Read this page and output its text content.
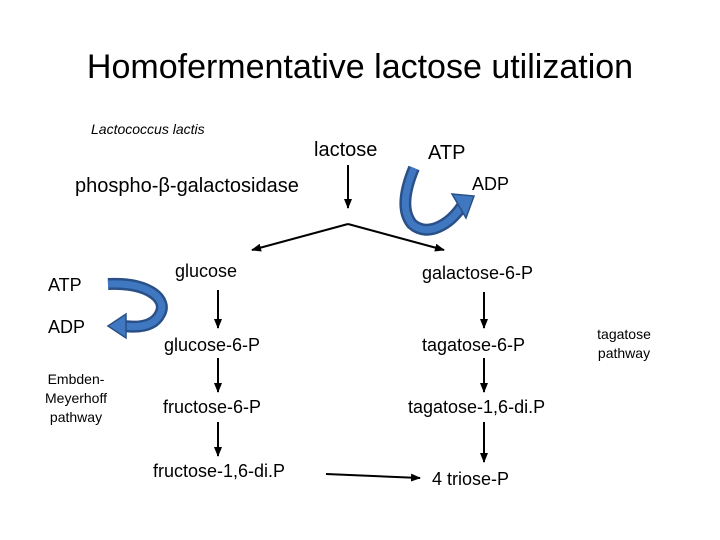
Homofermentative lactose utilization
Lactococcus lactis
lactose
phospho-β-galactosidase
ATP
ADP
ATP
ADP
Embden-Meyerhoff pathway
glucose	galactose-6-P
glucose-6-P	tagatose-6-P
fructose-6-P	tagatose-1,6-di.P
fructose-1,6-di.P	4 triose-P
tagatose pathway
